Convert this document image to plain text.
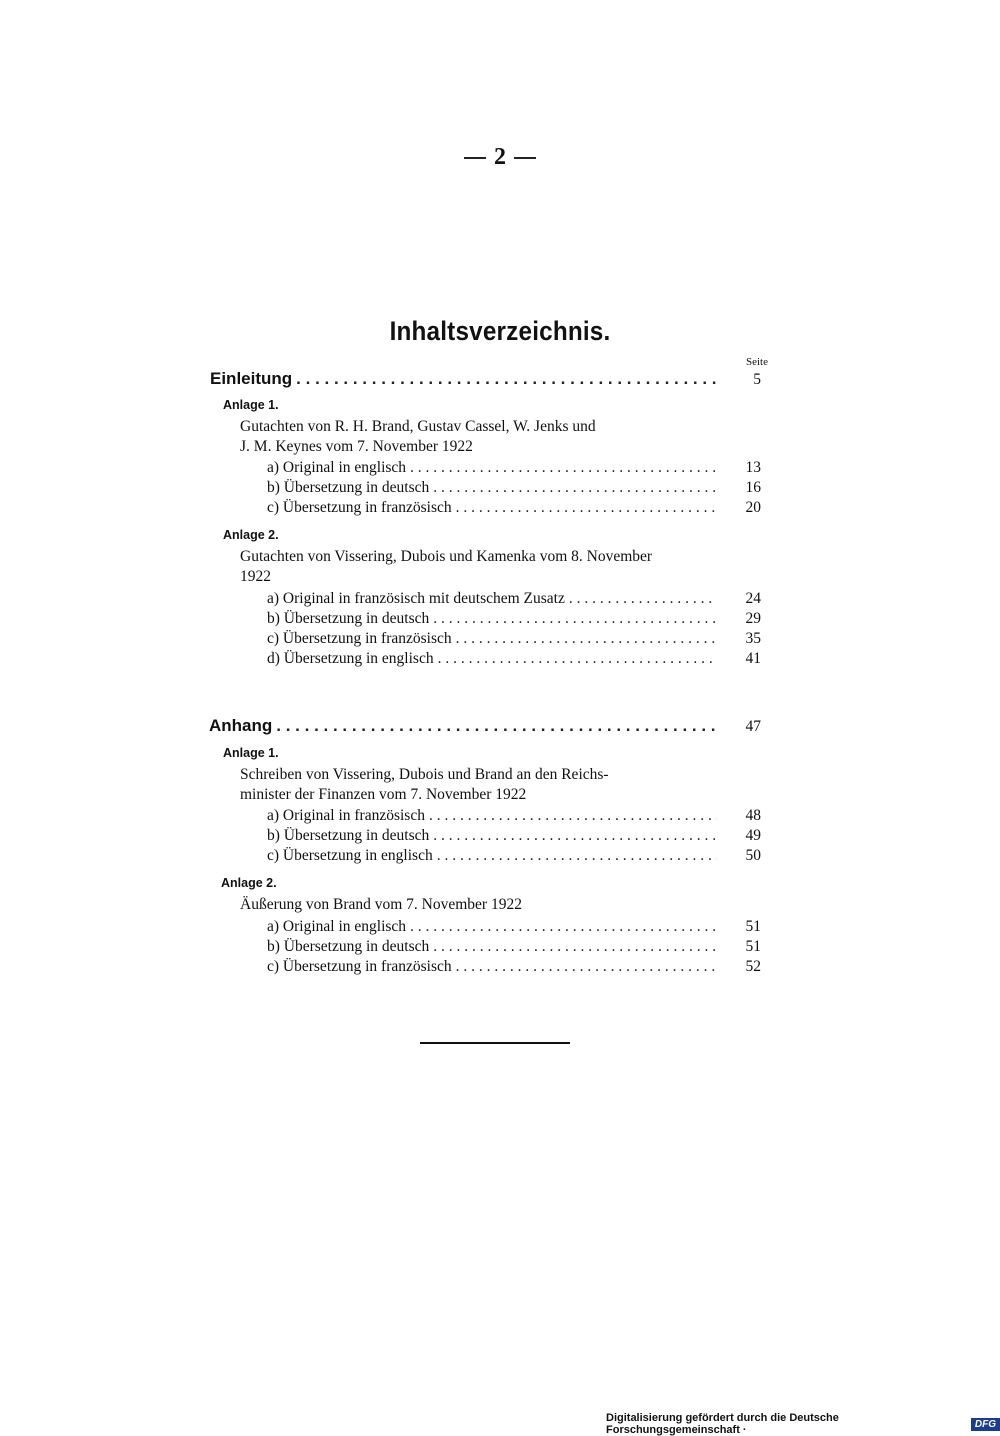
2
Inhaltsverzeichnis.
Seite
Einleitung . . .	5
Anlage 1.
Gutachten von R. H. Brand, Gustav Cassel, W. Jenks und
J. M. Keynes vom 7. November 1922
a) Original in englisch . . .	13
b) Übersetzung in deutsch . . .	16
c) Übersetzung in französisch . . .	20
Anlage 2.
Gutachten von Vissering, Dubois und Kamenka vom 8. November
1922
a) Original in französisch mit deutschem Zusatz . . .	24
b) Übersetzung in deutsch . . .	29
c) Übersetzung in französisch . . .	35
d) Übersetzung in englisch . . .	41
Anhang . . .	47
Anlage 1.
Schreiben von Vissering, Dubois und Brand an den Reichs-
minister der Finanzen vom 7. November 1922
a) Original in französisch . . .	48
b) Übersetzung in deutsch . . .	49
c) Übersetzung in englisch . . .	50
Anlage 2.
Äußerung von Brand vom 7. November 1922
a) Original in englisch . . .	51
b) Übersetzung in deutsch . . .	51
c) Übersetzung in französisch . . .	52
Digitalisierung gefördert durch die Deutsche Forschungsgemeinschaft ·	DFG
